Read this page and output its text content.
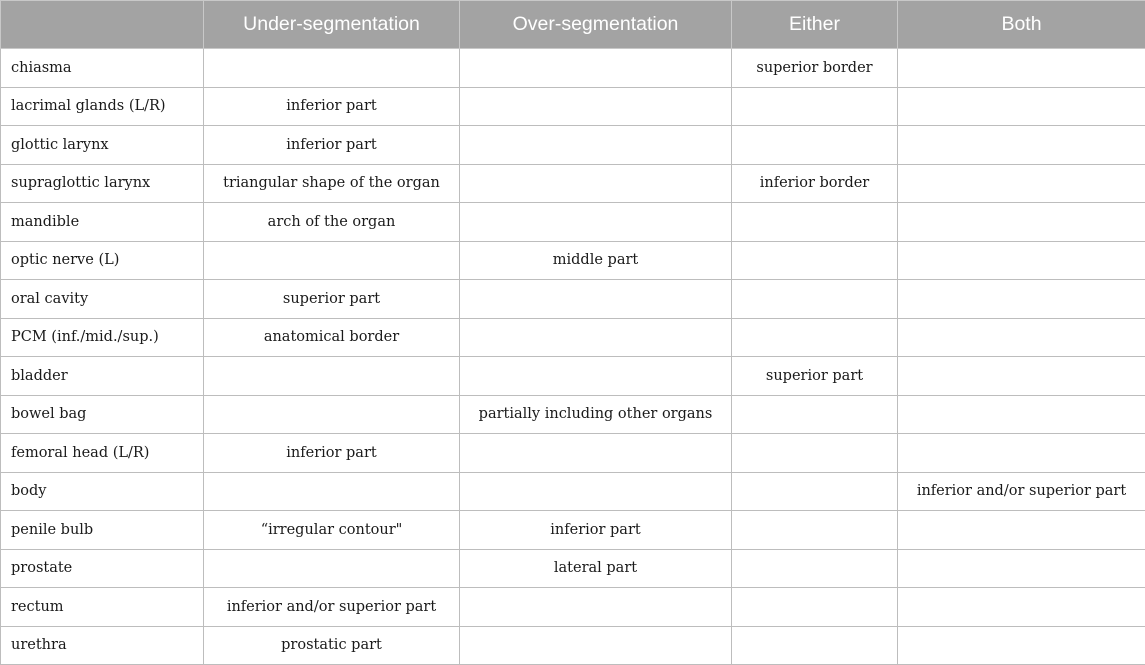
	Under-segmentation	Over-segmentation	Either	Both
chiasma			superior border	
lacrimal glands (L/R)	inferior part			
glottic larynx	inferior part			
supraglottic larynx	triangular shape of the organ		inferior border	
mandible	arch of the organ			
optic nerve (L)		middle part		
oral cavity	superior part			
PCM (inf./mid./sup.)	anatomical border			
bladder			superior part	
bowel bag		partially including other organs		
femoral head (L/R)	inferior part			
body				inferior and/or superior part
penile bulb	“irregular contour"	inferior part		
prostate		lateral part		
rectum	inferior and/or superior part			
urethra	prostatic part			
